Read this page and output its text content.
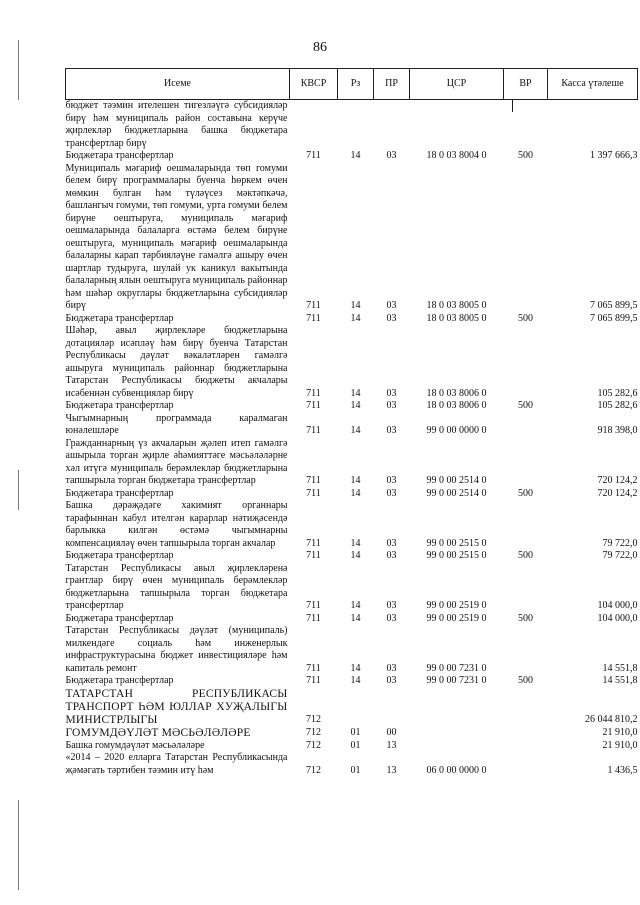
86
Исеме	КВСР	Рз	ПР	ЦСР	ВР	Касса үтәлеше
бюджет тәэмин ителешен тигезләүгә субсидияләр бирү һәм муниципаль район составына керүче җирлекләр бюджетларына башка бюджетара трансфертлар бирү						
Бюджетара трансфертлар	711	14	03	18 0 03 8004 0	500	1 397 666,3
Муниципаль мәгариф оешмаларында төп гомуми белем бирү программалары буенча һөркем өчен мөмкин булган һәм түләүсез мәктәпкәчә, башлангыч гомуми, төп гомуми, урта гомуми белем бирүне оештыруга, муниципаль мәгариф оешмаларында балаларга өстәмә белем бирүне оештыруга, муниципаль мәгариф оешмаларында балаларны карап тәрбияләүне гамәлгә ашыру өчен шартлар тудыруга, шулай ук каникул вакытында балаларның ялын оештыруга муниципаль районнар һәм шәһәр округлары бюджетларына субсидияләр бирү	711	14	03	18 0 03 8005 0		7 065 899,5
Бюджетара трансфертлар	711	14	03	18 0 03 8005 0	500	7 065 899,5
Шәһәр, авыл җирлекләре бюджетларына дотацияләр исәпләү һәм бирү буенча Татарстан Республикасы дәүләт вәкаләтләрен гамәлгә ашыруга муниципаль районнар бюджетларына Татарстан Республикасы бюджеты акчалары исәбеннән субвенцияләр бирү	711	14	03	18 0 03 8006 0		105 282,6
Бюджетара трансфертлар	711	14	03	18 0 03 8006 0	500	105 282,6
Чыгымнарның программада каралмаган юнәлешләре	711	14	03	99 0 00 0000 0		918 398,0
Гражданнарның үз акчаларын җәлеп итеп гамәлгә ашырыла торган җирле әһәмияттәге мәсьәләләрне хәл итүгә муниципаль берәмлекләр бюджетларына тапшырыла торган бюджетара трансфертлар	711	14	03	99 0 00 2514 0		720 124,2
Бюджетара трансфертлар	711	14	03	99 0 00 2514 0	500	720 124,2
Башка дәрәҗәдәге хакимият органнары тарафыннан кабул ителгән карарлар нәтиҗәсендә барлыкка килгән өстәмә чыгымнарны компенсацияләү өчен тапшырыла торган акчалар	711	14	03	99 0 00 2515 0		79 722,0
Бюджетара трансфертлар	711	14	03	99 0 00 2515 0	500	79 722,0
Татарстан Республикасы авыл җирлекләренә грантлар бирү өчен муниципаль берәмлекләр бюджетларына тапшырыла торган бюджетара трансфертлар	711	14	03	99 0 00 2519 0		104 000,0
Бюджетара трансфертлар	711	14	03	99 0 00 2519 0	500	104 000,0
Татарстан Республикасы дәүләт (муниципаль) милкендәге социаль һәм инженерлык инфраструктурасына бюджет инвестицияләре һәм капиталь ремонт	711	14	03	99 0 00 7231 0		14 551,8
Бюджетара трансфертлар	711	14	03	99 0 00 7231 0	500	14 551,8
ТАТАРСТАН РЕСПУБЛИКАСЫ ТРАНСПОРТ ҺӘМ ЮЛЛАР ХУҖАЛЫГЫ МИНИСТРЛЫГЫ	712					26 044 810,2
ГОМУМДӘҮЛӘТ МӘСЬӘЛӘЛӘРЕ	712	01	00			21 910,0
Башка гомумдәүләт мәсьәләләре	712	01	13			21 910,0
«2014 – 2020 елларга Татарстан Республикасында җәмәгать тәртибен тәэмин итү һәм	712	01	13	06 0 00 0000 0		1 436,5
